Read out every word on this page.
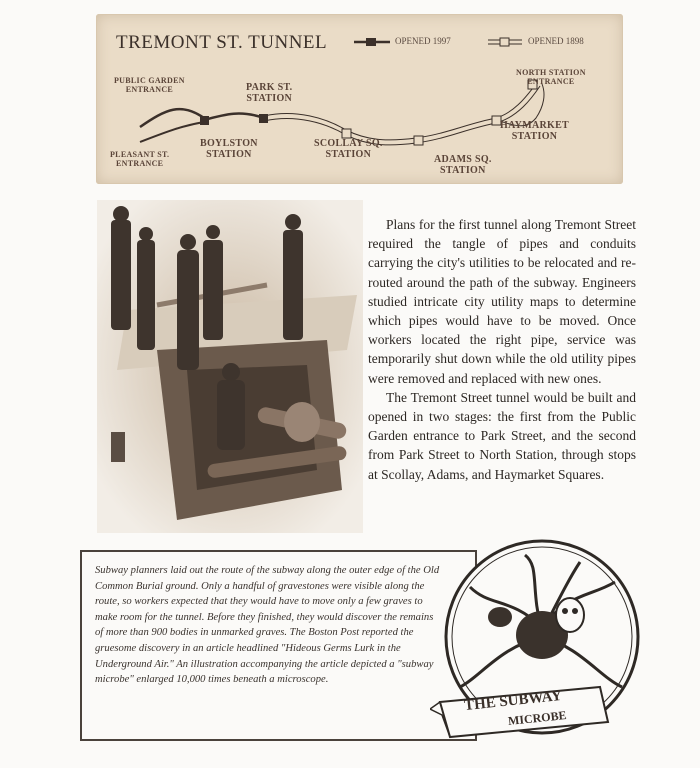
TREMONT ST. TUNNEL	OPENED 1997	OPENED 1898
PUBLIC GARDEN
ENTRANCE	PARK ST.
STATION
NORTH STATION
ENTRANCE
HAYMARKET
STATION
PLEASANT ST.
ENTRANCE
BOYLSTON
STATION
SCOLLAY SQ.
STATION	ADAMS SQ.
STATION

Plans for the first tunnel along Tremont Street required the tangle of pipes and conduits carrying the city's utilities to be relocated and re-routed around the path of the subway. Engineers studied intricate city utility maps to determine which pipes would have to be moved. Once workers located the right pipe, service was temporarily shut down while the old utility pipes were removed and replaced with new ones.

The Tremont Street tunnel would be built and opened in two stages: the first from the Public Garden entrance to Park Street, and the second from Park Street to North Station, through stops at Scollay, Adams, and Haymarket Squares.

Subway planners laid out the route of the subway along the outer edge of the Old Common Burial ground. Only a handful of gravestones were visible along the route, so workers expected that they would have to move only a few graves to make room for the tunnel. Before they finished, they would discover the remains of more than 900 bodies in unmarked graves. The Boston Post reported the gruesome discovery in an article headlined "Hideous Germs Lurk in the Underground Air." An illustration accompanying the article depicted a "subway microbe" enlarged 10,000 times beneath a microscope.
THE SUBWAY
MICROBE
